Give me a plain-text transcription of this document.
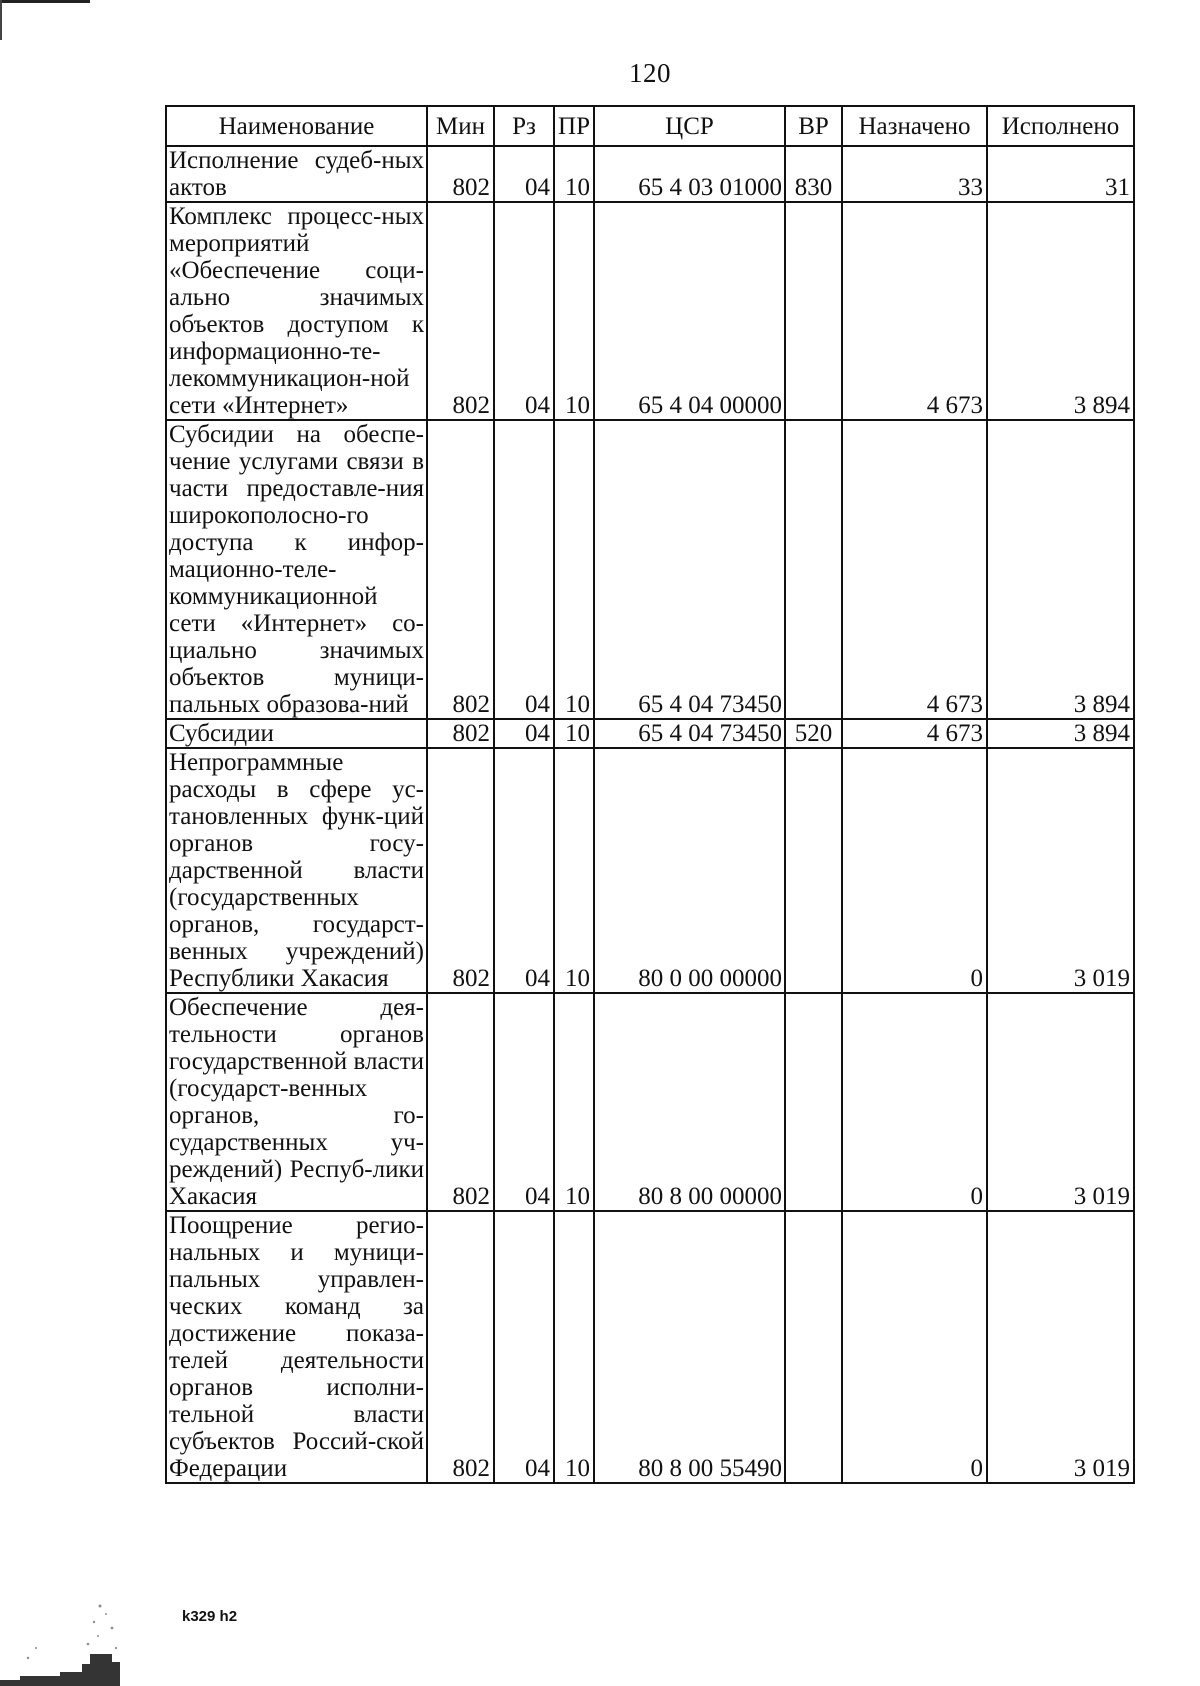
120
Наименование	Мин	Рз	ПР	ЦСР	ВР	Назначено	Исполнено
Исполнение судеб-ных актов	802	04	10	65 4 03 01000	830	33	31
Комплекс процесс-ных мероприятий «Обеспечение соци-ально значимых объектов доступом к информационно-те-лекоммуникацион-ной сети «Интернет»	802	04	10	65 4 04 00000		4 673	3 894
Субсидии на обеспе-чение услугами связи в части предоставле-ния широкополосно-го доступа к инфор-мационно-теле-коммуникационной сети «Интернет» со-циально значимых объектов муници-пальных образова-ний	802	04	10	65 4 04 73450		4 673	3 894
Субсидии	802	04	10	65 4 04 73450	520	4 673	3 894
Непрограммные расходы в сфере ус-тановленных функ-ций органов госу-дарственной власти (государственных органов, государст-венных учреждений) Республики Хакасия	802	04	10	80 0 00 00000		0	3 019
Обеспечение дея-тельности органов государственной власти (государст-венных органов, го-сударственных уч-реждений) Респуб-лики Хакасия	802	04	10	80 8 00 00000		0	3 019
Поощрение регио-нальных и муници-пальных управлен-ческих команд за достижение показа-телей деятельности органов исполни-тельной власти субъектов Россий-ской Федерации	802	04	10	80 8 00 55490		0	3 019
k329 h2
